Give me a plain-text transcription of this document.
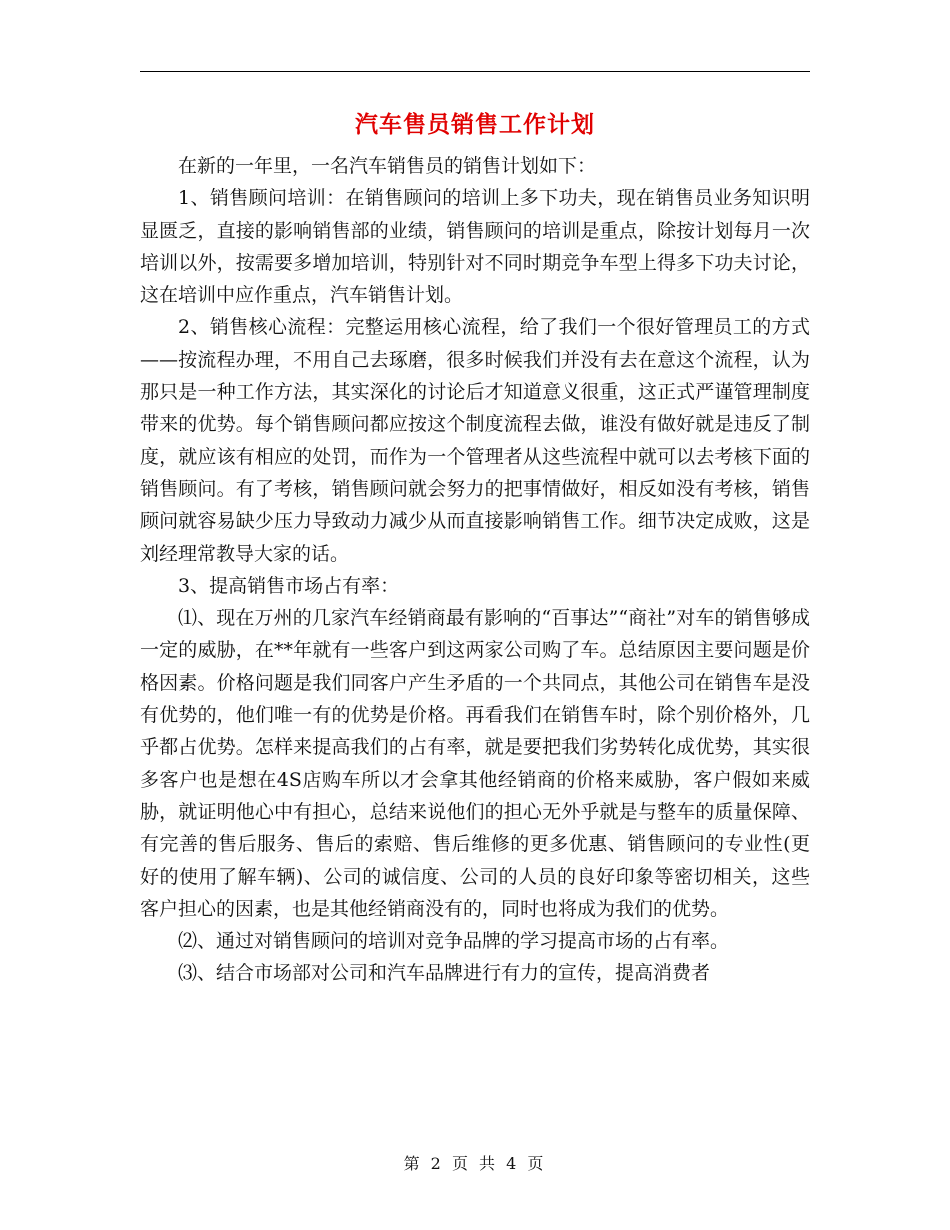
汽车售员销售工作计划

在新的一年里，一名汽车销售员的销售计划如下：

1、销售顾问培训：在销售顾问的培训上多下功夫，现在销售员业务知识明显匮乏，直接的影响销售部的业绩，销售顾问的培训是重点，除按计划每月一次培训以外，按需要多增加培训，特别针对不同时期竞争车型上得多下功夫讨论，这在培训中应作重点，汽车销售计划。

2、销售核心流程：完整运用核心流程，给了我们一个很好管理员工的方式——按流程办理，不用自己去琢磨，很多时候我们并没有去在意这个流程，认为那只是一种工作方法，其实深化的讨论后才知道意义很重，这正式严谨管理制度带来的优势。每个销售顾问都应按这个制度流程去做，谁没有做好就是违反了制度，就应该有相应的处罚，而作为一个管理者从这些流程中就可以去考核下面的销售顾问。有了考核，销售顾问就会努力的把事情做好，相反如没有考核，销售顾问就容易缺少压力导致动力减少从而直接影响销售工作。细节决定成败，这是刘经理常教导大家的话。

3、提高销售市场占有率：

⑴、现在万州的几家汽车经销商最有影响的“百事达”“商社”对车的销售够成一定的威胁，在**年就有一些客户到这两家公司购了车。总结原因主要问题是价格因素。价格问题是我们同客户产生矛盾的一个共同点，其他公司在销售车是没有优势的，他们唯一有的优势是价格。再看我们在销售车时，除个别价格外，几乎都占优势。怎样来提高我们的占有率，就是要把我们劣势转化成优势，其实很多客户也是想在4S店购车所以才会拿其他经销商的价格来威胁，客户假如来威胁，就证明他心中有担心，总结来说他们的担心无外乎就是与整车的质量保障、有完善的售后服务、售后的索赔、售后维修的更多优惠、销售顾问的专业性(更好的使用了解车辆)、公司的诚信度、公司的人员的良好印象等密切相关，这些客户担心的因素，也是其他经销商没有的，同时也将成为我们的优势。

⑵、通过对销售顾问的培训对竞争品牌的学习提高市场的占有率。

⑶、结合市场部对公司和汽车品牌进行有力的宣传，提高消费者

第 2 页 共 4 页
